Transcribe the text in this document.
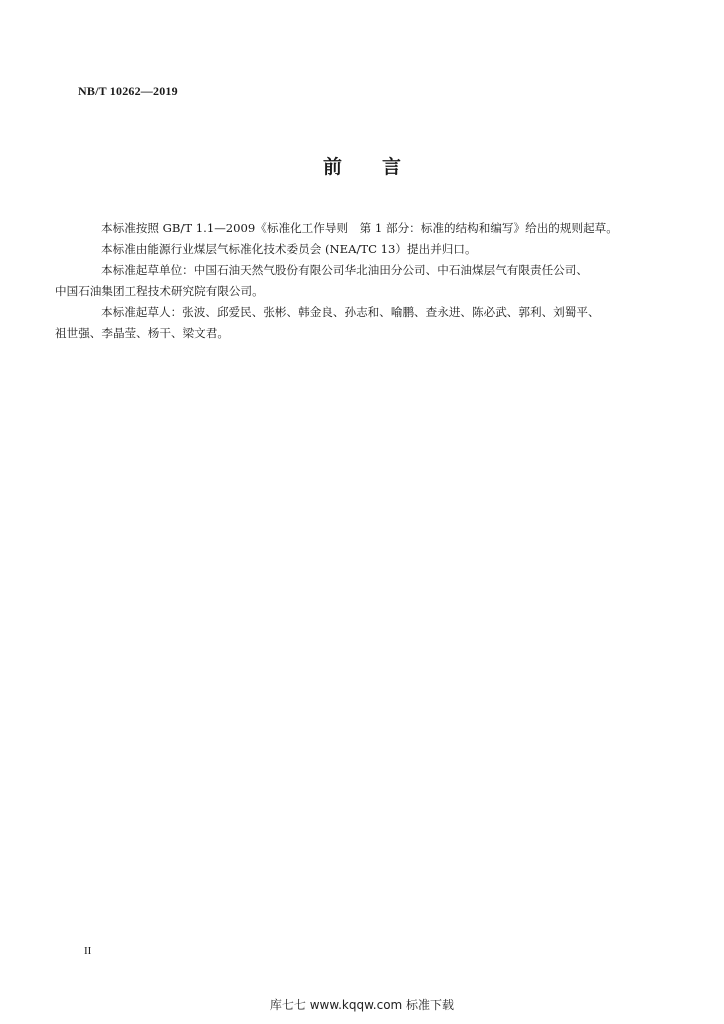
NB/T 10262—2019
前 言

本标准按照 GB/T 1.1—2009《标准化工作导则　第 1 部分：标准的结构和编写》给出的规则起草。

本标准由能源行业煤层气标准化技术委员会 (NEA/TC 13）提出并归口。

本标准起草单位：中国石油天然气股份有限公司华北油田分公司、中石油煤层气有限责任公司、
中国石油集团工程技术研究院有限公司。

本标准起草人：张波、邱爱民、张彬、韩金良、孙志和、喻鹏、查永进、陈必武、郭利、刘蜀平、
祖世强、李晶莹、杨干、梁文君。

II
库七七 www.kqqw.com 标准下载
